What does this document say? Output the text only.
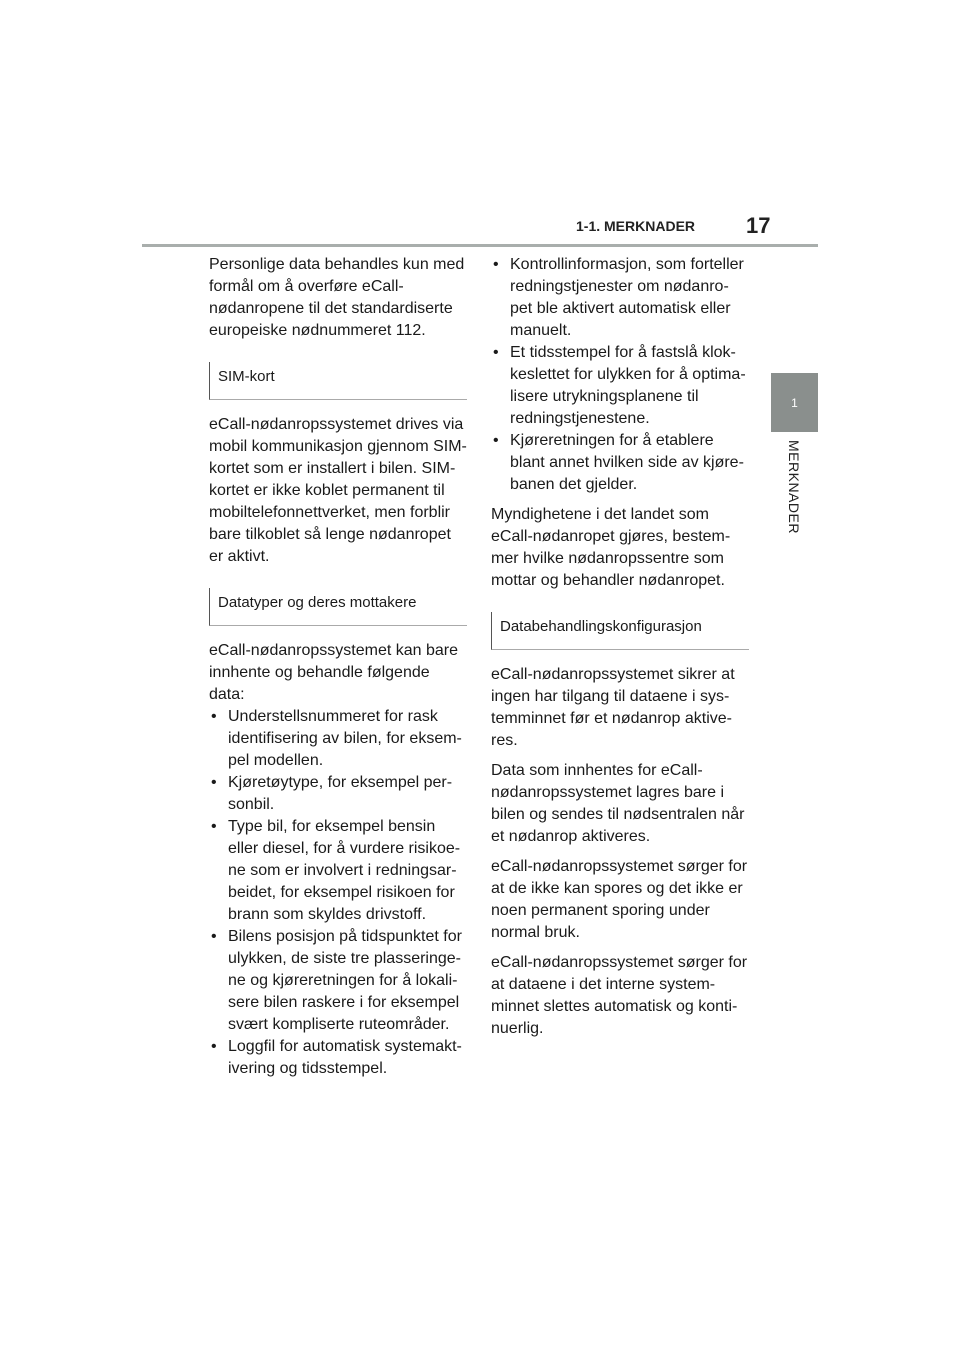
1-1. MERKNADER 17
1
MERKNADER

Personlige data behandles kun med formål om å overføre eCall-nødanropene til det standardiserte europeiske nødnummeret 112.

SIM-kort

eCall-nødanropssystemet drives via mobil kommunikasjon gjennom SIM-kortet som er installert i bilen. SIM-kortet er ikke koblet permanent til mobiltelefonnettverket, men forblir bare tilkoblet så lenge nødanropet er aktivt.

Datatyper og deres mottakere

eCall-nødanropssystemet kan bare innhente og behandle følgende data:

• Understellsnummeret for rask identifisering av bilen, for eksem-pel modellen.
• Kjøretøytype, for eksempel per-sonbil.
• Type bil, for eksempel bensin eller diesel, for å vurdere risikoe-ne som er involvert i redningsar-beidet, for eksempel risikoen for brann som skyldes drivstoff.
• Bilens posisjon på tidspunktet for ulykken, de siste tre plasseringe-ne og kjøreretningen for å lokali-sere bilen raskere i for eksempel svært kompliserte ruteområder.
• Loggfil for automatisk systemakt-ivering og tidsstempel.
• Kontrollinformasjon, som forteller redningstjenester om nødanro-pet ble aktivert automatisk eller manuelt.
• Et tidsstempel for å fastslå klok-keslettet for ulykken for å optima-lisere utrykningsplanene til redningstjenestene.
• Kjøreretningen for å etablere blant annet hvilken side av kjøre-banen det gjelder.

Myndighetene i det landet som eCall-nødanropet gjøres, bestem-mer hvilke nødanropssentre som mottar og behandler nødanropet.

Databehandlingskonfigurasjon

eCall-nødanropssystemet sikrer at ingen har tilgang til dataene i sys-temminnet før et nødanrop aktive-res.

Data som innhentes for eCall-nødanropssystemet lagres bare i bilen og sendes til nødsentralen når et nødanrop aktiveres.

eCall-nødanropssystemet sørger for at de ikke kan spores og det ikke er noen permanent sporing under normal bruk.

eCall-nødanropssystemet sørger for at dataene i det interne system-minnet slettes automatisk og konti-nuerlig.
